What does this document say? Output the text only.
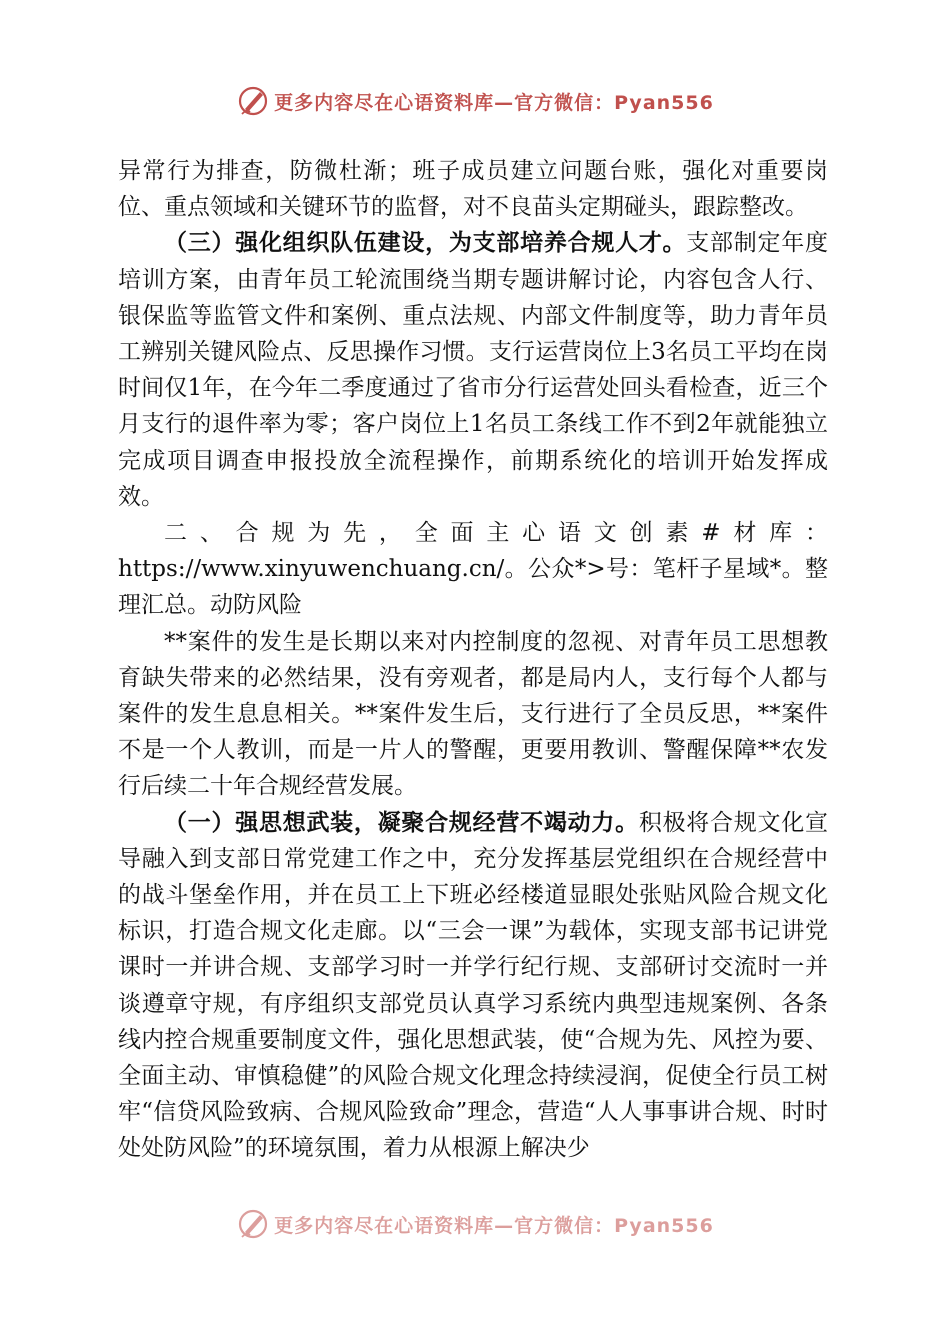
更多内容尽在心语资料库—官方微信：Pyan556

异常行为排查，防微杜渐；班子成员建立问题台账，强化对重要岗位、重点领域和关键环节的监督，对不良苗头定期碰头，跟踪整改。

（三）强化组织队伍建设，为支部培养合规人才。支部制定年度培训方案，由青年员工轮流围绕当期专题讲解讨论，内容包含人行、银保监等监管文件和案例、重点法规、内部文件制度等，助力青年员工辨别关键风险点、反思操作习惯。支行运营岗位上3名员工平均在岗时间仅1年，在今年二季度通过了省市分行运营处回头看检查，近三个月支行的退件率为零；客户岗位上1名员工条线工作不到2年就能独立完成项目调查申报投放全流程操作，前期系统化的培训开始发挥成效。

二、合规为先，全面主心语文创素#材库：https://www.xinyuwenchuang.cn/。公众*>号：笔杆子星域*。整理汇总。动防风险

**案件的发生是长期以来对内控制度的忽视、对青年员工思想教育缺失带来的必然结果，没有旁观者，都是局内人，支行每个人都与案件的发生息息相关。**案件发生后，支行进行了全员反思，**案件不是一个人教训，而是一片人的警醒，更要用教训、警醒保障**农发行后续二十年合规经营发展。

（一）强思想武装，凝聚合规经营不竭动力。积极将合规文化宣导融入到支部日常党建工作之中，充分发挥基层党组织在合规经营中的战斗堡垒作用，并在员工上下班必经楼道显眼处张贴风险合规文化标识，打造合规文化走廊。以“三会一课”为载体，实现支部书记讲党课时一并讲合规、支部学习时一并学行纪行规、支部研讨交流时一并谈遵章守规，有序组织支部党员认真学习系统内典型违规案例、各条线内控合规重要制度文件，强化思想武装，使“合规为先、风控为要、全面主动、审慎稳健”的风险合规文化理念持续浸润，促使全行员工树牢“信贷风险致病、合规风险致命”理念，营造“人人事事讲合规、时时处处防风险”的环境氛围，着力从根源上解决少

更多内容尽在心语资料库—官方微信：Pyan556
